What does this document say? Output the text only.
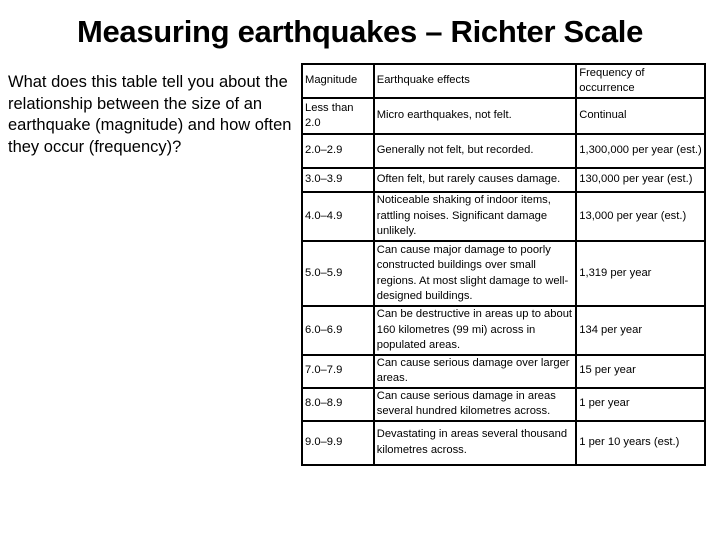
Measuring earthquakes – Richter Scale
What does this table tell you about the relationship between the size of an earthquake (magnitude) and how often they occur (frequency)?
Magnitude	Earthquake effects	Frequency of occurrence
Less than 2.0	Micro earthquakes, not felt.	Continual
2.0–2.9	Generally not felt, but recorded.	1,300,000 per year (est.)
3.0–3.9	Often felt, but rarely causes damage.	130,000 per year (est.)
4.0–4.9	Noticeable shaking of indoor items, rattling noises. Significant damage unlikely.	13,000 per year (est.)
5.0–5.9	Can cause major damage to poorly constructed buildings over small regions. At most slight damage to well-designed buildings.	1,319 per year
6.0–6.9	Can be destructive in areas up to about 160 kilometres (99 mi) across in populated areas.	134 per year
7.0–7.9	Can cause serious damage over larger areas.	15 per year
8.0–8.9	Can cause serious damage in areas several hundred kilometres across.	1 per year
9.0–9.9	Devastating in areas several thousand kilometres across.	1 per 10 years (est.)
